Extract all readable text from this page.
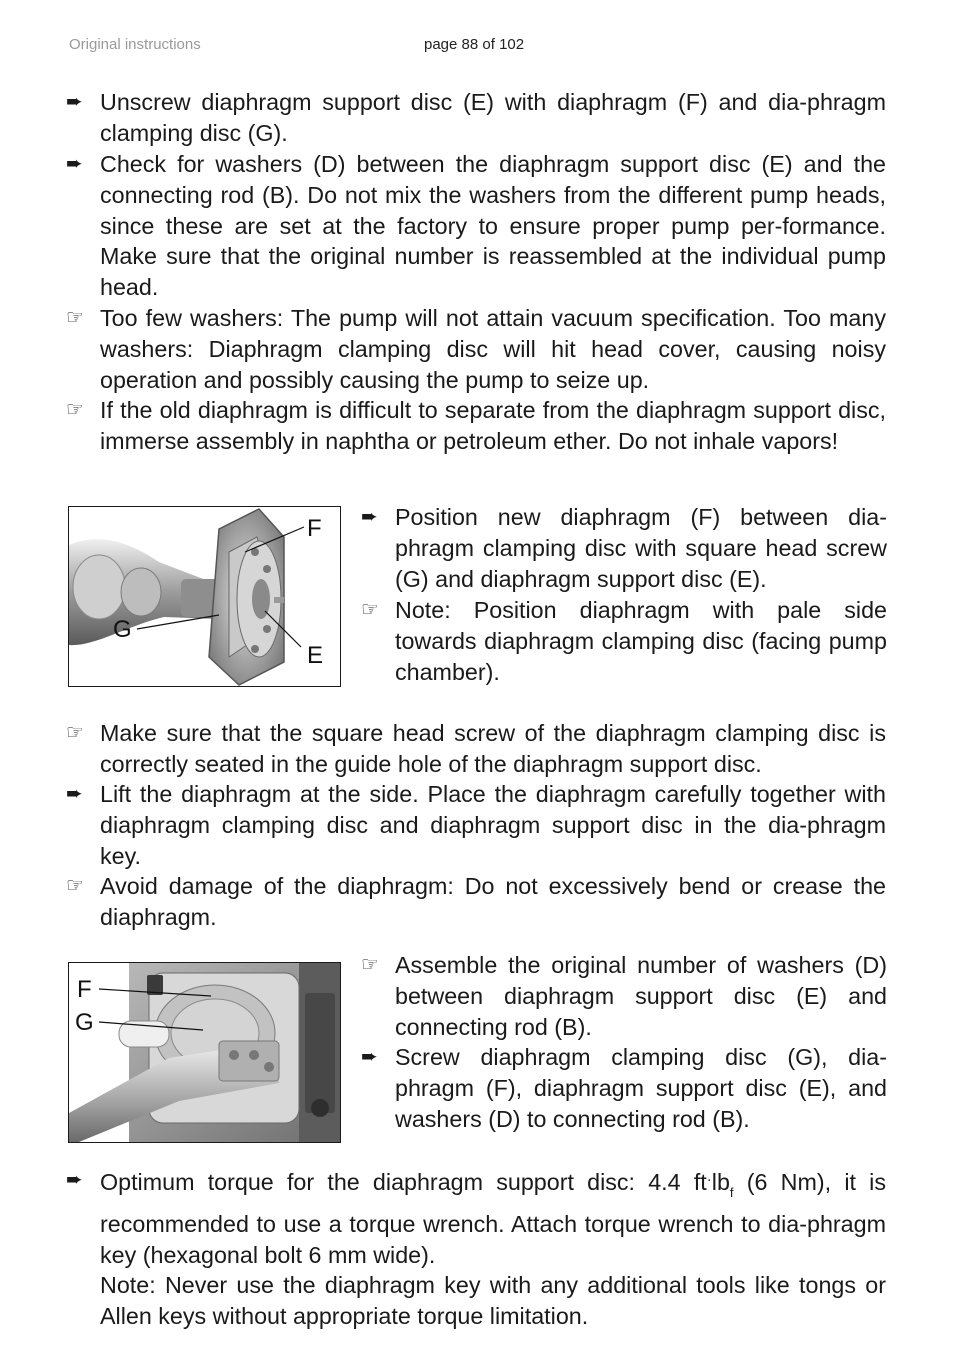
Original instructions	page 88 of 102
➨ Unscrew diaphragm support disc (E) with diaphragm (F) and dia-phragm clamping disc (G).
➨ Check for washers (D) between the diaphragm support disc (E) and the connecting rod (B). Do not mix the washers from the different pump heads, since these are set at the factory to ensure proper pump per-formance. Make sure that the original number is reassembled at the individual pump head.
☞ Too few washers: The pump will not attain vacuum specification. Too many washers: Diaphragm clamping disc will hit head cover, causing noisy operation and possibly causing the pump to seize up.
☞ If the old diaphragm is difficult to separate from the diaphragm support disc, immerse assembly in naphtha or petroleum ether. Do not inhale vapors!
F
G
E
➨ Position new diaphragm (F) between dia-phragm clamping disc with square head screw (G) and diaphragm support disc (E).
☞ Note: Position diaphragm with pale side towards diaphragm clamping disc (facing pump chamber).
☞ Make sure that the square head screw of the diaphragm clamping disc is correctly seated in the guide hole of the diaphragm support disc.
➨ Lift the diaphragm at the side. Place the diaphragm carefully together with diaphragm clamping disc and diaphragm support disc in the dia-phragm key.
☞ Avoid damage of the diaphragm: Do not excessively bend or crease the diaphragm.
F
G
☞ Assemble the original number of washers (D) between diaphragm support disc (E) and connecting rod (B).
➨ Screw diaphragm clamping disc (G), dia-phragm (F), diaphragm support disc (E), and washers (D) to connecting rod (B).
➨ Optimum torque for the diaphragm support disc: 4.4 $ft^\cdot lb_f$ (6 Nm), it is recommended to use a torque wrench. Attach torque wrench to dia-phragm key (hexagonal bolt 6 mm wide).
Note: Never use the diaphragm key with any additional tools like tongs or Allen keys without appropriate torque limitation.
